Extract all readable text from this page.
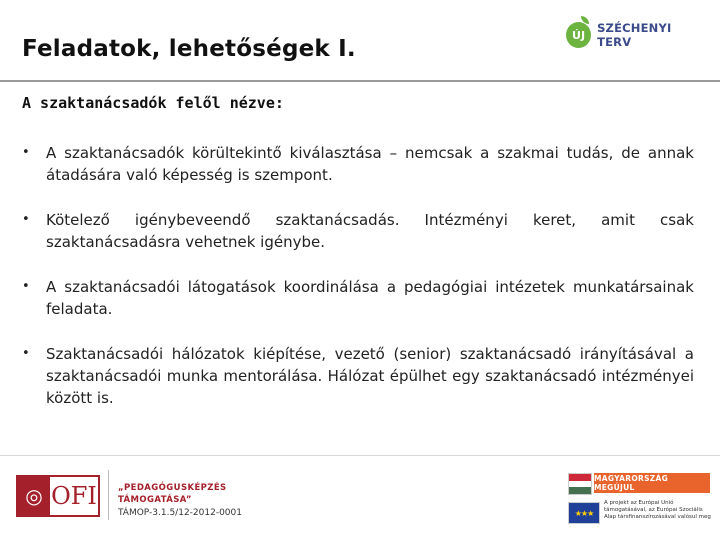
Feladatok, lehetőségek I.
ÚJ SZÉCHENYI TERV
A szaktanácsadók felől nézve:
•	A szaktanácsadók körültekintő kiválasztása – nemcsak a szakmai tudás, de annak átadására való képesség is szempont.
•	Kötelező igénybeveendő szaktanácsadás. Intézményi keret, amit csak szaktanácsadásra vehetnek igénybe.
•	A szaktanácsadói látogatások koordinálása a pedagógiai intézetek munkatársainak feladata.
•	Szaktanácsadói hálózatok kiépítése, vezető (senior) szaktanácsadó irányításával a szaktanácsadói munka mentorálása. Hálózat épülhet egy szaktanácsadó intézményei között is.
◎ OFI „PEDAGÓGUSKÉPZÉS TÁMOGATÁSA”
TÁMOP-3.1.5/12-2012-0001
MAGYARORSZÁG MEGÚJUL
★★★
A projekt az Európai Unió támogatásával, az Európai Szociális Alap társfinanszírozásával valósul meg
